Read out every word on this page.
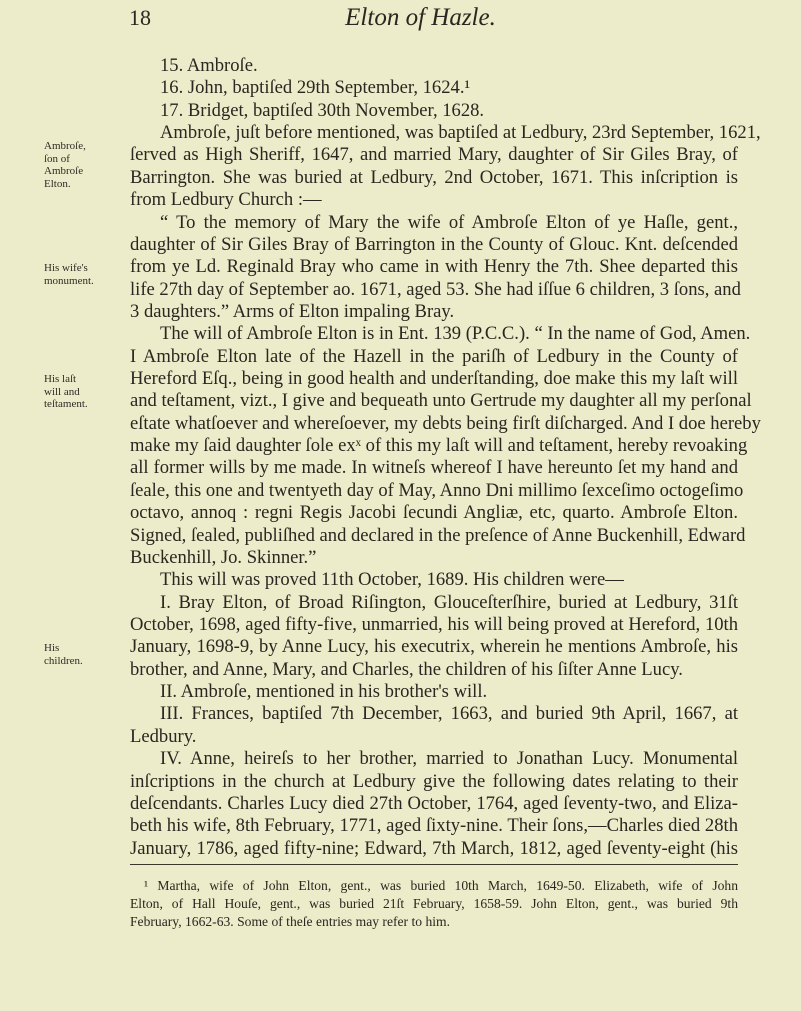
18	Elton of Hazle.
Ambroſe,
ſon of
Ambroſe
Elton.
His wife's
monument.
His laſt
will and
teſtament.
His
children.
15. Ambroſe.
16. John, baptiſed 29th September, 1624.¹
17. Bridget, baptiſed 30th November, 1628.
Ambroſe, juſt before mentioned, was baptiſed at Ledbury, 23rd September, 1621,
ſerved as High Sheriff, 1647, and married Mary, daughter of Sir Giles Bray, of
Barrington. She was buried at Ledbury, 2nd October, 1671. This inſcription is
from Ledbury Church :—
“ To the memory of Mary the wife of Ambroſe Elton of ye Haſle, gent.,
daughter of Sir Giles Bray of Barrington in the County of Glouc. Knt. deſcended
from ye Ld. Reginald Bray who came in with Henry the 7th. Shee departed this
life 27th day of September ao. 1671, aged 53. She had iſſue 6 children, 3 ſons, and
3 daughters.” Arms of Elton impaling Bray.
The will of Ambroſe Elton is in Ent. 139 (P.C.C.). “ In the name of God, Amen.
I Ambroſe Elton late of the Hazell in the pariſh of Ledbury in the County of
Hereford Eſq., being in good health and underſtanding, doe make this my laſt will
and teſtament, vizt., I give and bequeath unto Gertrude my daughter all my perſonal
eſtate whatſoever and whereſoever, my debts being firſt diſcharged. And I doe hereby
make my ſaid daughter ſole exˣ of this my laſt will and teſtament, hereby revoaking
all former wills by me made. In witneſs whereof I have hereunto ſet my hand and
ſeale, this one and twentyeth day of May, Anno Dni millimo ſexceſimo octogeſimo
octavo, annoq : regni Regis Jacobi ſecundi Angliæ, etc, quarto. Ambroſe Elton.
Signed, ſealed, publiſhed and declared in the preſence of Anne Buckenhill, Edward
Buckenhill, Jo. Skinner.”
This will was proved 11th October, 1689. His children were—
I. Bray Elton, of Broad Riſington, Glouceſterſhire, buried at Ledbury, 31ſt
October, 1698, aged fifty-five, unmarried, his will being proved at Hereford, 10th
January, 1698-9, by Anne Lucy, his executrix, wherein he mentions Ambroſe, his
brother, and Anne, Mary, and Charles, the children of his ſiſter Anne Lucy.
II. Ambroſe, mentioned in his brother's will.
III. Frances, baptiſed 7th December, 1663, and buried 9th April, 1667, at
Ledbury.
IV. Anne, heireſs to her brother, married to Jonathan Lucy. Monumental
inſcriptions in the church at Ledbury give the following dates relating to their
deſcendants. Charles Lucy died 27th October, 1764, aged ſeventy-two, and Eliza-
beth his wife, 8th February, 1771, aged ſixty-nine. Their ſons,—Charles died 28th
January, 1786, aged fifty-nine; Edward, 7th March, 1812, aged ſeventy-eight (his
¹ Martha, wife of John Elton, gent., was buried 10th March, 1649-50. Elizabeth, wife of John
Elton, of Hall Houſe, gent., was buried 21ſt February, 1658-59. John Elton, gent., was buried 9th
February, 1662-63. Some of theſe entries may refer to him.
